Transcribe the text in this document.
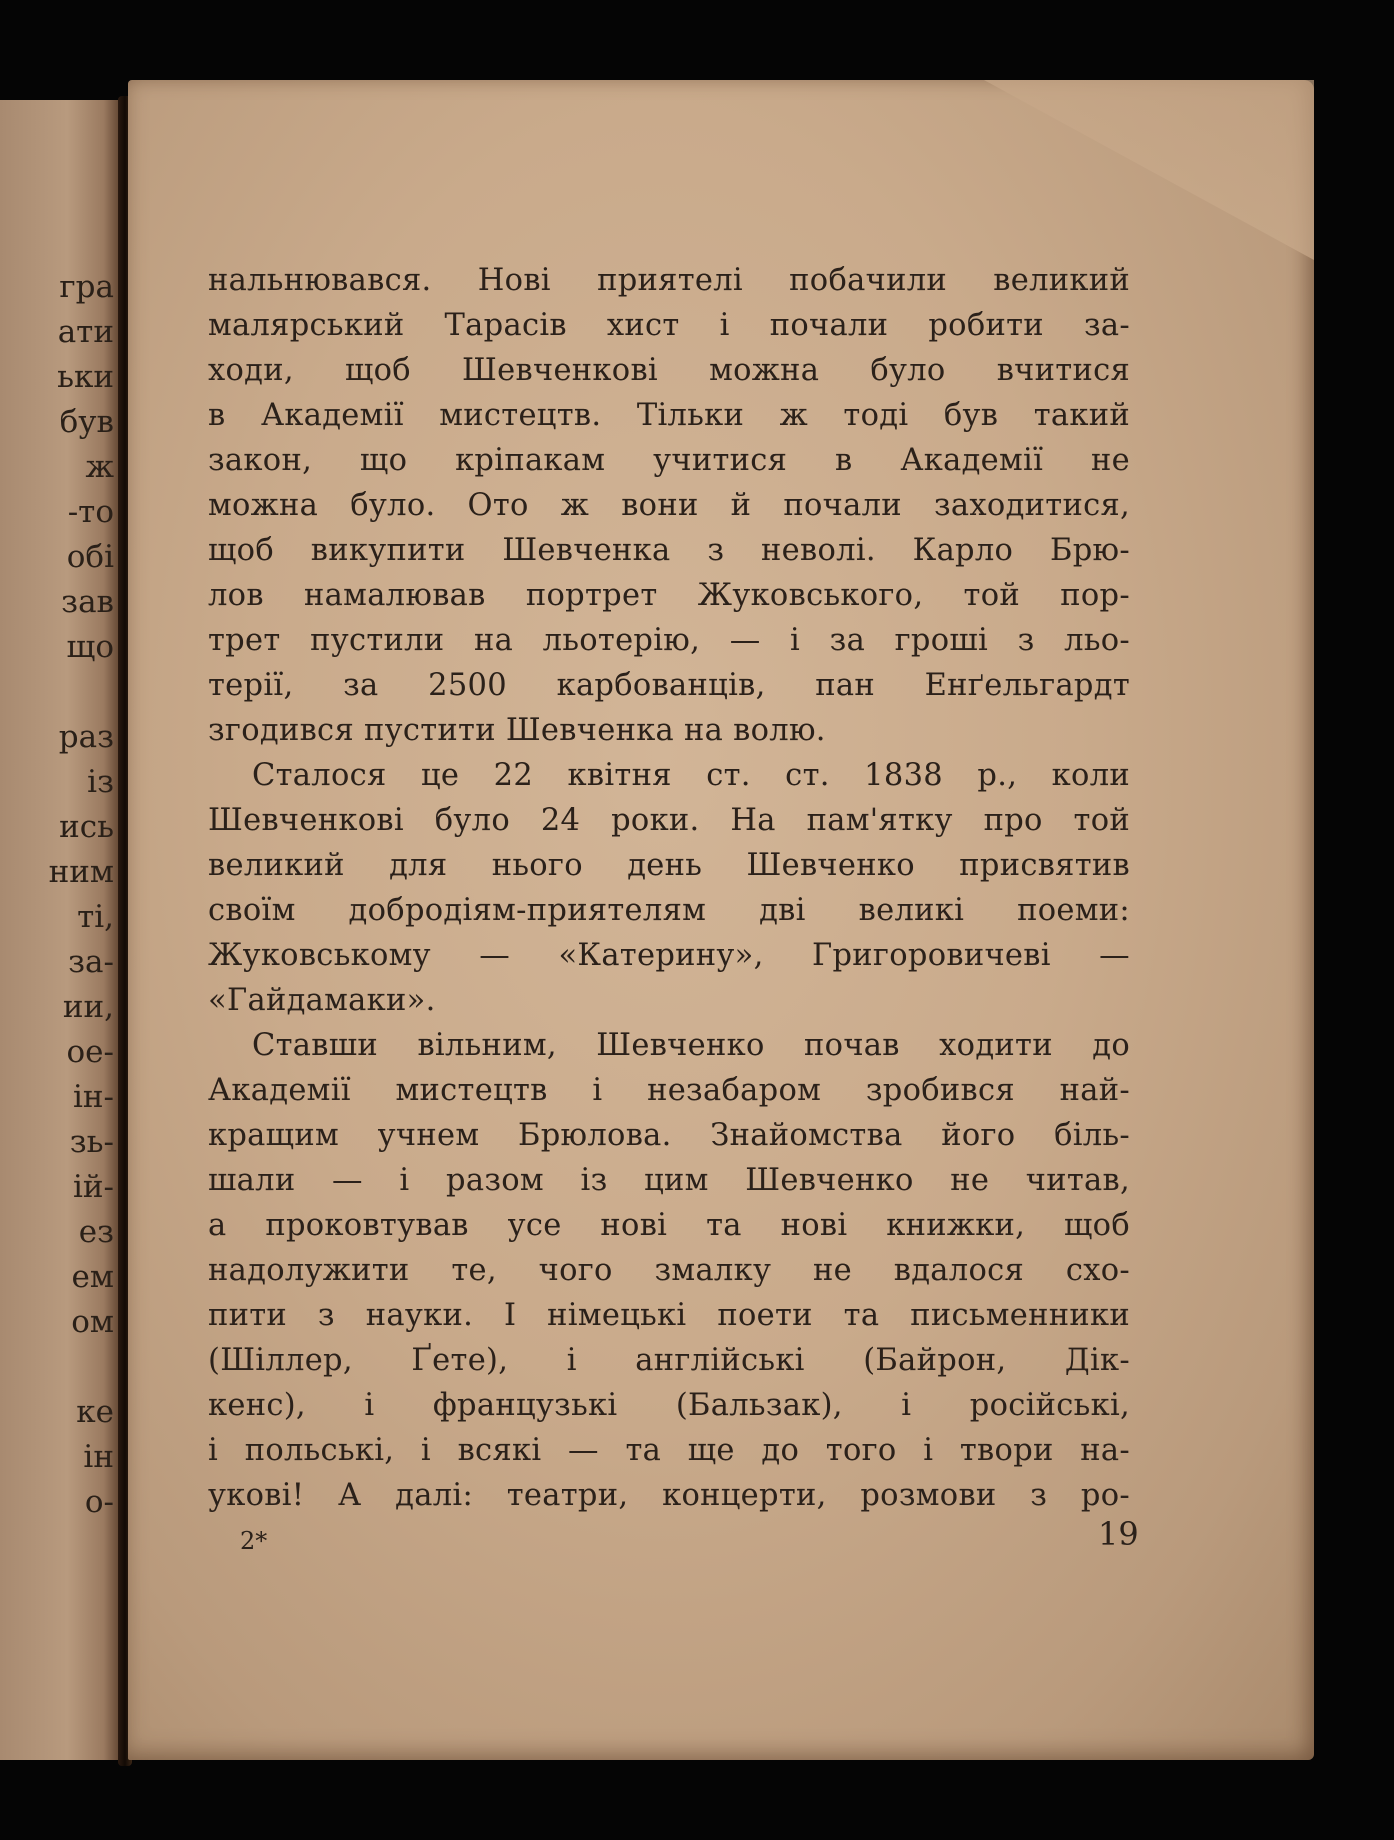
гра
ати
ьки
був
ж
-то
обі
зав
що
раз
із
ись
ним
ті,
за-
ии,
ое-
ін-
зь-
ій-
ез
ем
ом
ке
ін
о-
нальнювався. Нові приятелі побачили великий
малярський Тарасів хист і почали робити за-
ходи, щоб Шевченкові можна було вчитися
в Академії мистецтв. Тільки ж тоді був такий
закон, що кріпакам учитися в Академії не
можна було. Ото ж вони й почали заходитися,
щоб викупити Шевченка з неволі. Карло Брю-
лов намалював портрет Жуковського, той пор-
трет пустили на льотерію, — і за гроші з льо-
терії, за 2500 карбованців, пан Енґельгардт
згодився пустити Шевченка на волю.
Сталося це 22 квітня ст. ст. 1838 р., коли
Шевченкові було 24 роки. На пам'ятку про той
великий для нього день Шевченко присвятив
своїм добродіям-приятелям дві великі поеми:
Жуковському — «Катерину», Григоровичеві —
«Гайдамаки».
Ставши вільним, Шевченко почав ходити до
Академії мистецтв і незабаром зробився най-
кращим учнем Брюлова. Знайомства його біль-
шали — і разом із цим Шевченко не читав,
а проковтував усе нові та нові книжки, щоб
надолужити те, чого змалку не вдалося схо-
пити з науки. І німецькі поети та письменники
(Шіллер, Ґете), і англійські (Байрон, Дік-
кенс), і французькі (Бальзак), і російські,
і польські, і всякі — та ще до того і твори на-
укові! А далі: театри, концерти, розмови з ро-
2*	19
